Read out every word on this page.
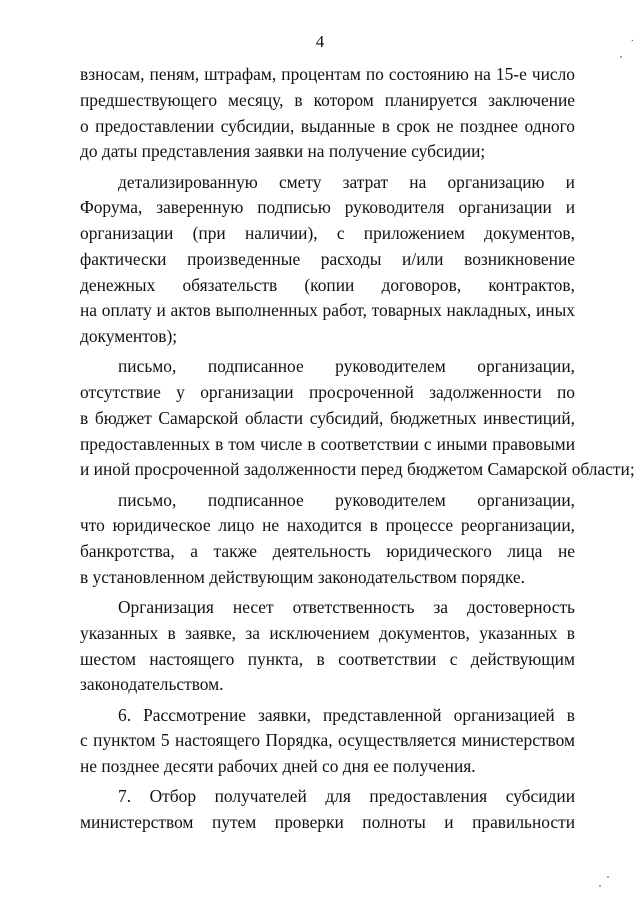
4	·
взносам, пеням, штрафам, процентам по состоянию на 15-е число
предшествующего месяцу, в котором планируется заключение
о предоставлении субсидии, выданные в срок не позднее одного
до даты представления заявки на получение субсидии;
детализированную смету затрат на организацию и
Форума, заверенную подписью руководителя организации и
организации (при наличии), с приложением документов,
фактически произведенные расходы и/или возникновение
денежных обязательств (копии договоров, контрактов,
на оплату и актов выполненных работ, товарных накладных, иных
документов);
письмо, подписанное руководителем организации,
отсутствие у организации просроченной задолженности по
в бюджет Самарской области субсидий, бюджетных инвестиций,
предоставленных в том числе в соответствии с иными правовыми
и иной просроченной задолженности перед бюджетом Самарской области;
письмо, подписанное руководителем организации,
что юридическое лицо не находится в процессе реорганизации,
банкротства, а также деятельность юридического лица не
в установленном действующим законодательством порядке.
Организация несет ответственность за достоверность
указанных в заявке, за исключением документов, указанных в
шестом настоящего пункта, в соответствии с действующим
законодательством.
6. Рассмотрение заявки, представленной организацией в
с пунктом 5 настоящего Порядка, осуществляется министерством
не позднее десяти рабочих дней со дня ее получения.
7. Отбор получателей для предоставления субсидии
министерством путем проверки полноты и правильности
